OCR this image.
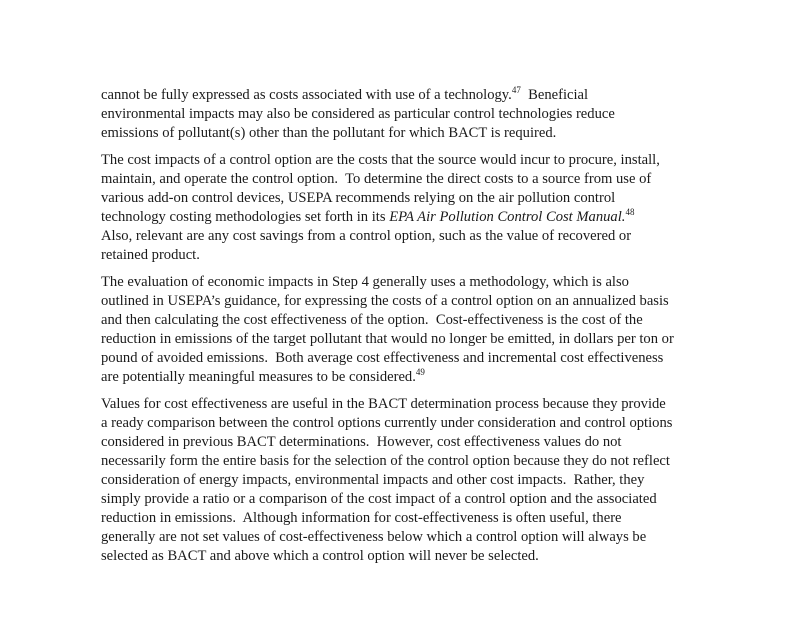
cannot be fully expressed as costs associated with use of a technology.$^{47}$  Beneficial
environmental impacts may also be considered as particular control technologies reduce
emissions of pollutant(s) other than the pollutant for which BACT is required.

The cost impacts of a control option are the costs that the source would incur to procure, install,
maintain, and operate the control option.  To determine the direct costs to a source from use of
various add-on control devices, USEPA recommends relying on the air pollution control
technology costing methodologies set forth in its EPA Air Pollution Control Cost Manual.$^{48}$
Also, relevant are any cost savings from a control option, such as the value of recovered or
retained product.

The evaluation of economic impacts in Step 4 generally uses a methodology, which is also
outlined in USEPA’s guidance, for expressing the costs of a control option on an annualized basis
and then calculating the cost effectiveness of the option.  Cost-effectiveness is the cost of the
reduction in emissions of the target pollutant that would no longer be emitted, in dollars per ton or
pound of avoided emissions.  Both average cost effectiveness and incremental cost effectiveness
are potentially meaningful measures to be considered.$^{49}$

Values for cost effectiveness are useful in the BACT determination process because they provide
a ready comparison between the control options currently under consideration and control options
considered in previous BACT determinations.  However, cost effectiveness values do not
necessarily form the entire basis for the selection of the control option because they do not reflect
consideration of energy impacts, environmental impacts and other cost impacts.  Rather, they
simply provide a ratio or a comparison of the cost impact of a control option and the associated
reduction in emissions.  Although information for cost-effectiveness is often useful, there
generally are not set values of cost-effectiveness below which a control option will always be
selected as BACT and above which a control option will never be selected.
